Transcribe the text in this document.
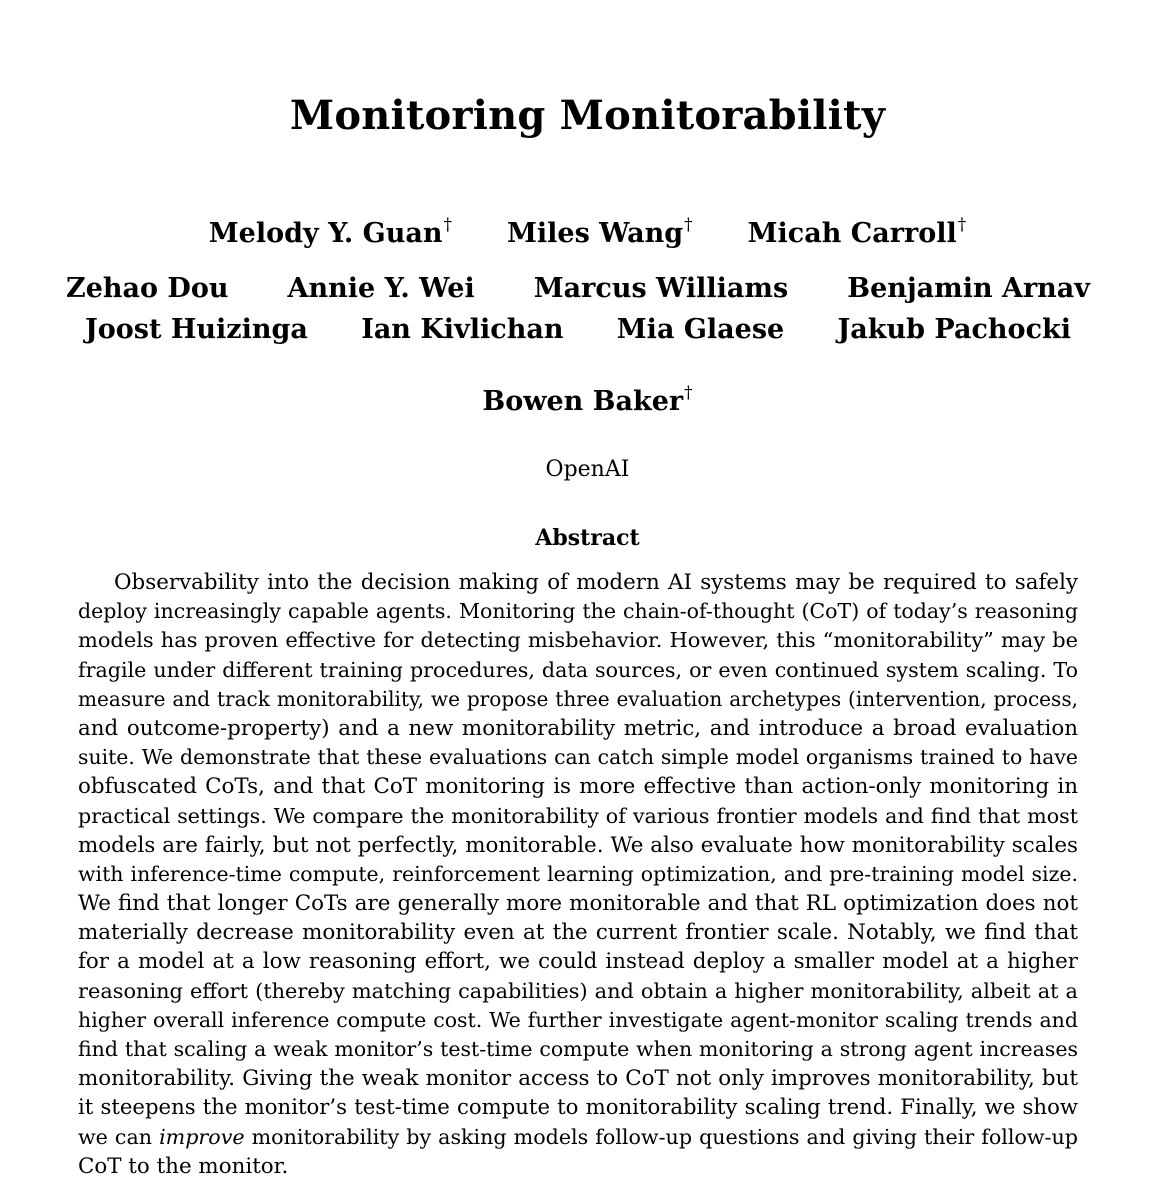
Monitoring Monitorability
Melody Y. Guan† Miles Wang† Micah Carroll†
Zehao Dou Annie Y. Wei Marcus Williams Benjamin Arnav
Joost Huizinga Ian Kivlichan Mia Glaese Jakub Pachocki
Bowen Baker†
OpenAI
Abstract
Observability into the decision making of modern AI systems may be required to safely
deploy increasingly capable agents. Monitoring the chain-of-thought (CoT) of today’s reasoning
models has proven effective for detecting misbehavior. However, this “monitorability” may be
fragile under different training procedures, data sources, or even continued system scaling. To
measure and track monitorability, we propose three evaluation archetypes (intervention, process,
and outcome-property) and a new monitorability metric, and introduce a broad evaluation
suite. We demonstrate that these evaluations can catch simple model organisms trained to have
obfuscated CoTs, and that CoT monitoring is more effective than action-only monitoring in
practical settings. We compare the monitorability of various frontier models and find that most
models are fairly, but not perfectly, monitorable. We also evaluate how monitorability scales
with inference-time compute, reinforcement learning optimization, and pre-training model size.
We find that longer CoTs are generally more monitorable and that RL optimization does not
materially decrease monitorability even at the current frontier scale. Notably, we find that
for a model at a low reasoning effort, we could instead deploy a smaller model at a higher
reasoning effort (thereby matching capabilities) and obtain a higher monitorability, albeit at a
higher overall inference compute cost. We further investigate agent-monitor scaling trends and
find that scaling a weak monitor’s test-time compute when monitoring a strong agent increases
monitorability. Giving the weak monitor access to CoT not only improves monitorability, but
it steepens the monitor’s test-time compute to monitorability scaling trend. Finally, we show
we can improve monitorability by asking models follow-up questions and giving their follow-up
CoT to the monitor.
